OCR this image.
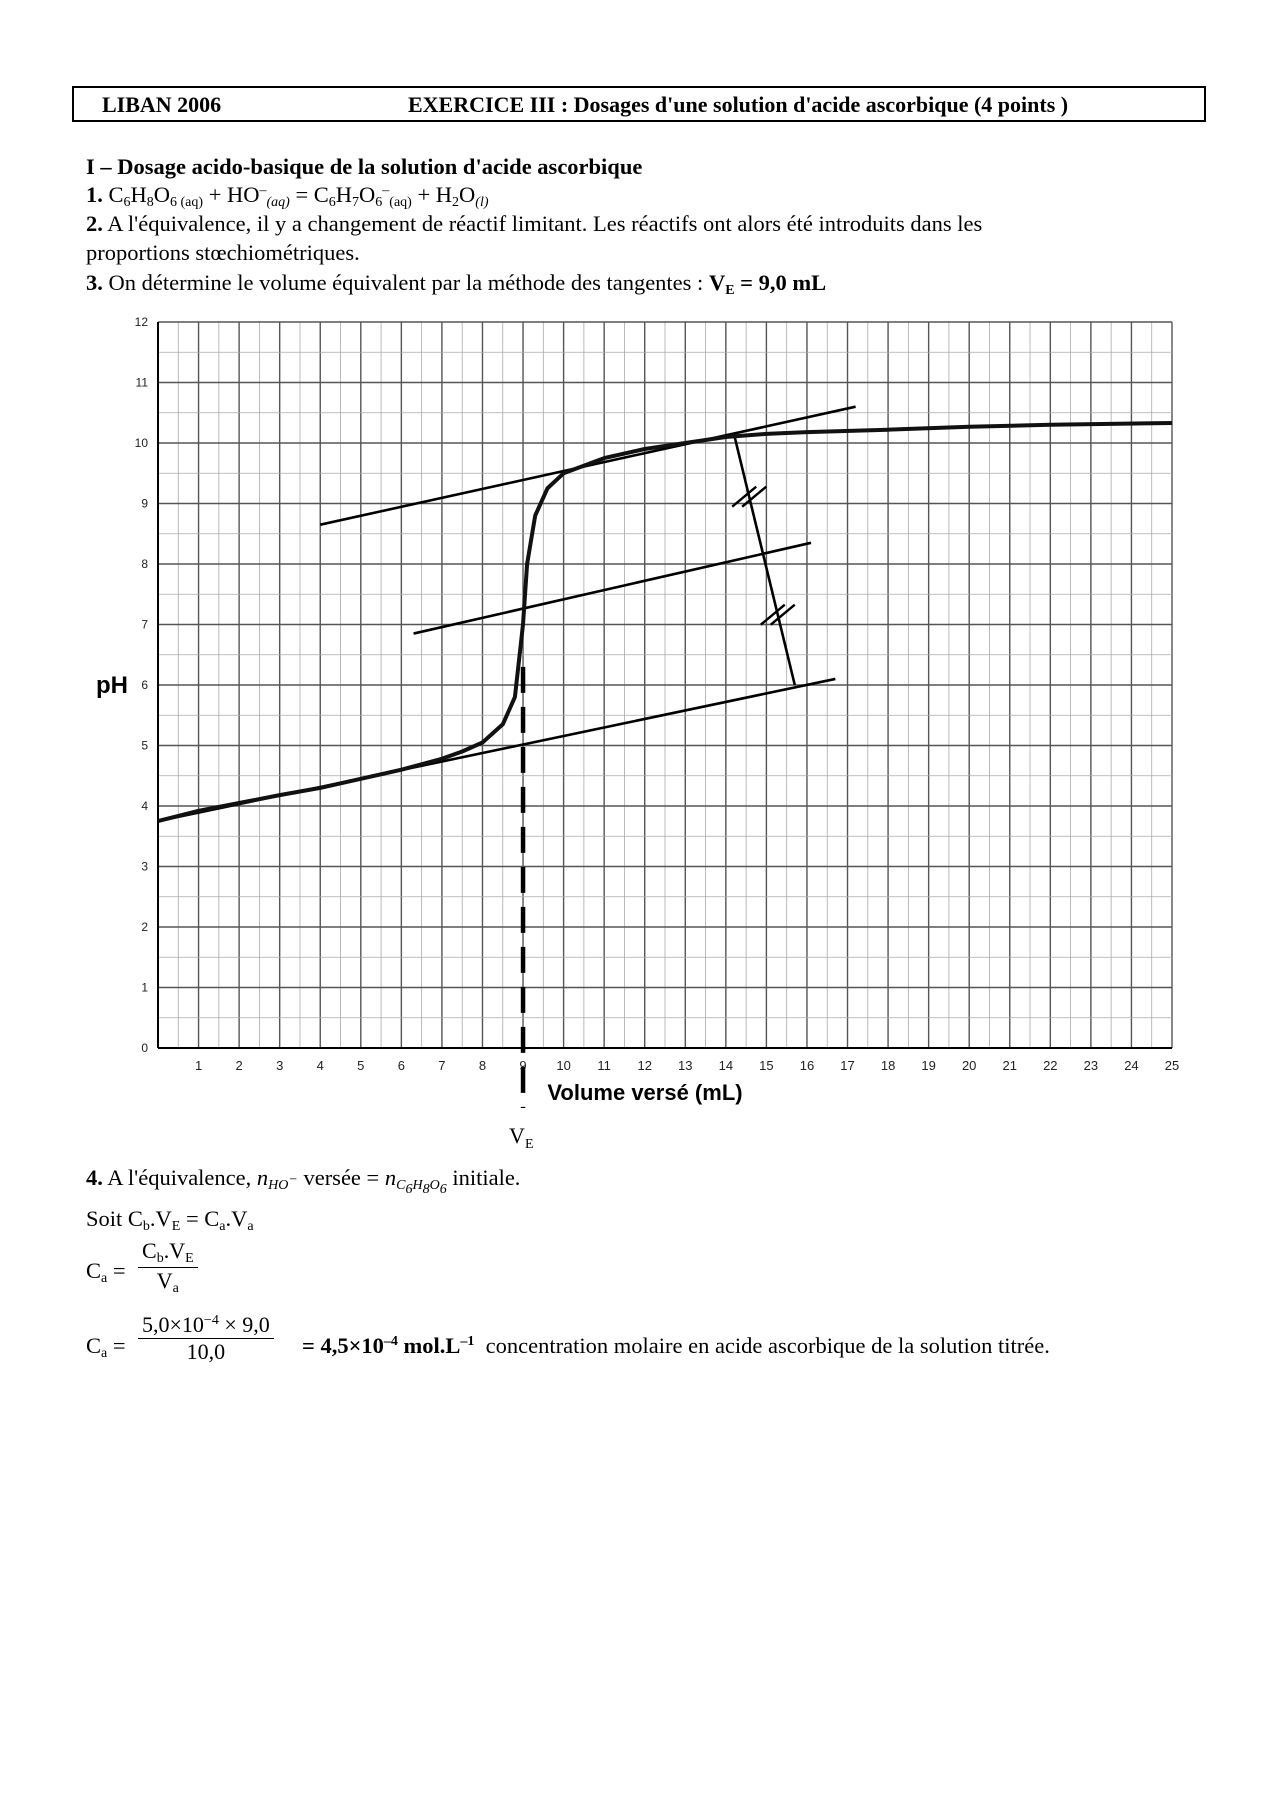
LIBAN 2006	EXERCICE III : Dosages d'une solution d'acide ascorbique (4 points )
I – Dosage acido-basique de la solution d'acide ascorbique
1. $C_6H_8O_{6 (aq)} + HO^-_{(aq)} = C_6H_7O_6^-_{(aq)} + H_2O_{(l)}$
2. A l'équivalence, il y a changement de réactif limitant. Les réactifs ont alors été introduits dans les
proportions stœchiométriques.
3. On détermine le volume équivalent par la méthode des tangentes : $V_E = 9,0$ mL
1	2	3	4	5	6	7	8	9 10 11 12 13 14 15 16 17 18 19 20 21 22 23 24 25
0
1
2
3
4
5
6
7
8
9
10
11
12
pH
Volume versé (mL)
V E
4. A l'équivalence, $n_{HO^-}$ versée = $n_{C_6H_8O_6}$ initiale.
Soit $C_b.V_E = C_a.V_a$
$C_a$ =
$C_b.V_E$
$V_a$
$C_a$ =
$5,0\times 10^{-4} \times 9,0$
10,0	= $4,5\times 10^{-4}$ $mol.L^{-1}$ concentration molaire en acide ascorbique de la solution titrée.
